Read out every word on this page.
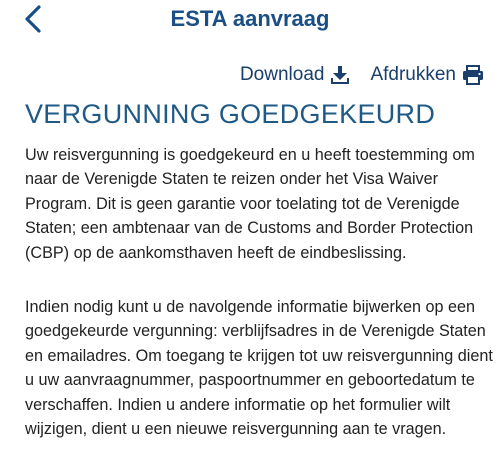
ESTA aanvraag
Download Afdrukken
VERGUNNING GOEDGEKEURD

Uw reisvergunning is goedgekeurd en u heeft toestemming om naar de Verenigde Staten te reizen onder het Visa Waiver Program. Dit is geen garantie voor toelating tot de Verenigde Staten; een ambtenaar van de Customs and Border Protection (CBP) op de aankomsthaven heeft de eindbeslissing.

Indien nodig kunt u de navolgende informatie bijwerken op een goedgekeurde vergunning: verblijfsadres in de Verenigde Staten en emailadres. Om toegang te krijgen tot uw reisvergunning dient u uw aanvraagnummer, paspoortnummer en geboortedatum te verschaffen. Indien u andere informatie op het formulier wilt wijzigen, dient u een nieuwe reisvergunning aan te vragen.
